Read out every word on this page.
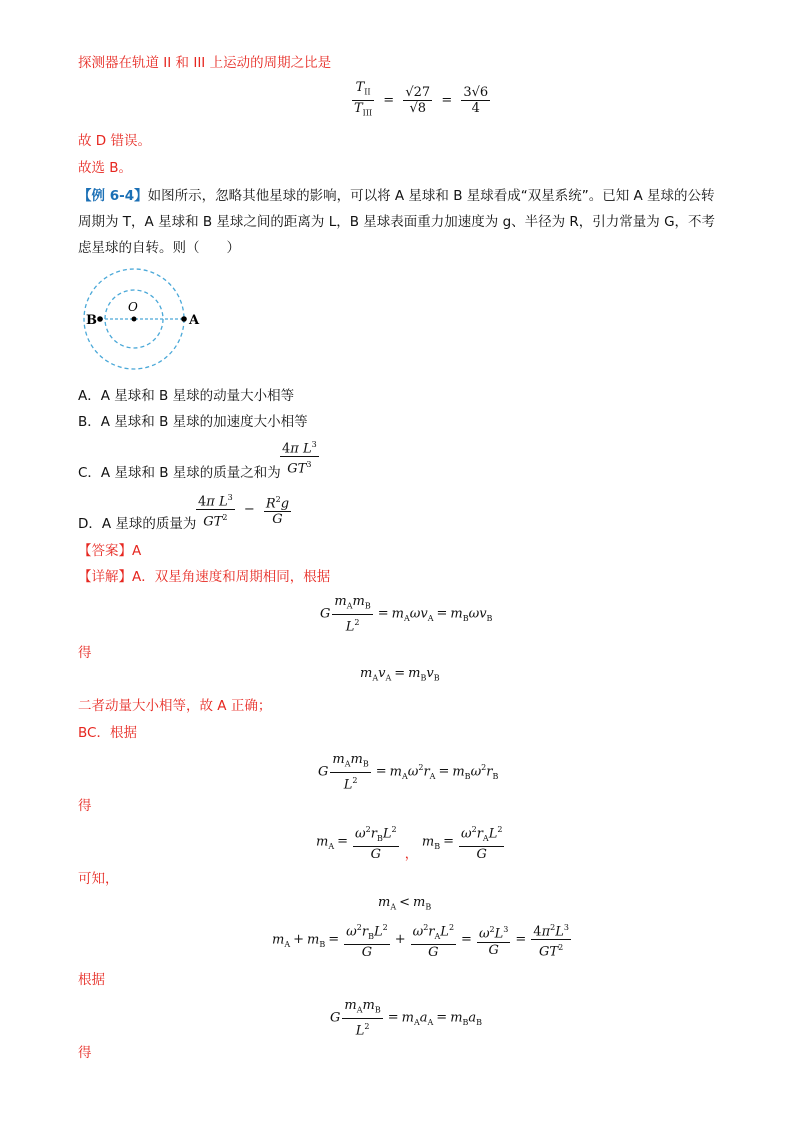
探测器在轨道 II 和 III 上运动的周期之比是
$\frac{T_{II}}{T_{III}} = \frac{√27}{√8} = \frac{3√6}{4}$
故 D 错误。
故选 B。
【例 6-4】如图所示，忽略其他星球的影响，可以将 A 星球和 B 星球看成“双星系统”。已知 A 星球的公转
周期为 T，A 星球和 B 星球之间的距离为 L，B 星球表面重力加速度为 g、半径为 R，引力常量为 G，不考
虑星球的自转。则（　　）
B
O
A
A．A 星球和 B 星球的动量大小相等
B．A 星球和 B 星球的加速度大小相等
C．A 星球和 B 星球的质量之和为 $\frac{4\pi L^3}{GT^3}$
D．A 星球的质量为 $\frac{4\pi L^3}{GT^2} - \frac{R^2g}{G}$
【答案】A
【详解】A．双星角速度和周期相同，根据
G $\frac{m_Am_B}{L^2} = m_A\omega v_A = m_B\omega v_B$
得
$m_Av_A = m_Bv_B$
二者动量大小相等，故 A 正确；
BC．根据
G $\frac{m_Am_B}{L^2} = m_A\omega^2r_A = m_B\omega^2r_B$
得
$m_A = \frac{\omega^2r_BL^2}{G}$ ， $m_B = \frac{\omega^2r_AL^2}{G}$
可知，
$m_A < m_B$
$m_A + m_B = \frac{\omega^2r_BL^2}{G} + \frac{\omega^2r_AL^2}{G} = \frac{\omega^2L^3}{G} = \frac{4\pi^2L^3}{GT^2}$
根据
G $\frac{m_Am_B}{L^2} = m_Aa_A = m_Ba_B$
得
